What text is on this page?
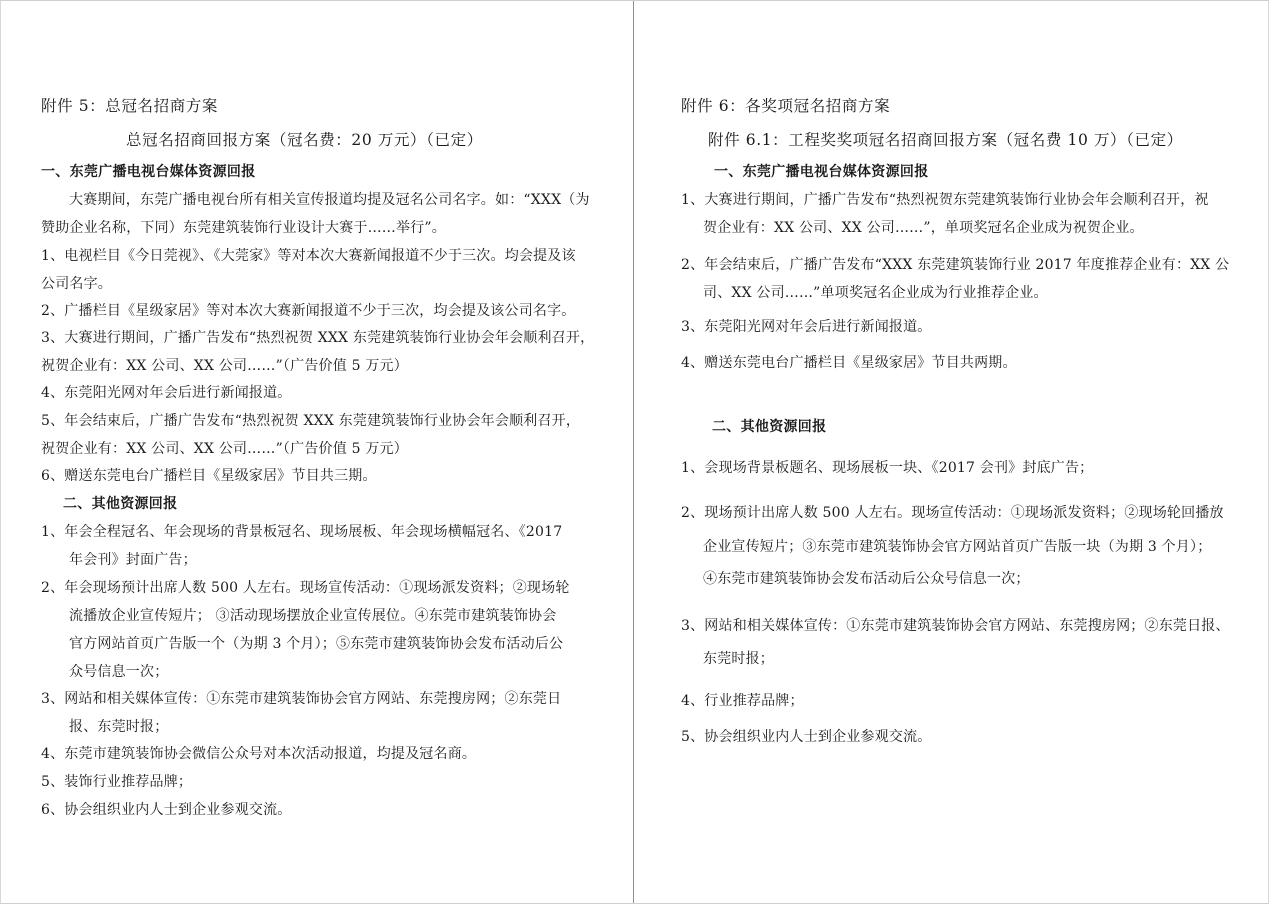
附件 5：总冠名招商方案
总冠名招商回报方案（冠名费：20 万元）（已定）
一、东莞广播电视台媒体资源回报
大赛期间，东莞广播电视台所有相关宣传报道均提及冠名公司名字。如：“XXX（为
赞助企业名称，下同）东莞建筑装饰行业设计大赛于……举行”。
1、电视栏目《今日莞视》、《大莞家》等对本次大赛新闻报道不少于三次。均会提及该
公司名字。
2、广播栏目《星级家居》等对本次大赛新闻报道不少于三次，均会提及该公司名字。
3、大赛进行期间，广播广告发布“热烈祝贺 XXX 东莞建筑装饰行业协会年会顺利召开，
祝贺企业有：XX 公司、XX 公司……”（广告价值 5 万元）
4、东莞阳光网对年会后进行新闻报道。
5、年会结束后，广播广告发布“热烈祝贺 XXX 东莞建筑装饰行业协会年会顺利召开，
祝贺企业有：XX 公司、XX 公司……”（广告价值 5 万元）
6、赠送东莞电台广播栏目《星级家居》节目共三期。
二、其他资源回报
1、年会全程冠名、年会现场的背景板冠名、现场展板、年会现场横幅冠名、《2017
年会刊》封面广告；
2、年会现场预计出席人数 500 人左右。现场宣传活动：①现场派发资料；②现场轮
流播放企业宣传短片； ③活动现场摆放企业宣传展位。④东莞市建筑装饰协会
官方网站首页广告版一个（为期 3 个月）；⑤东莞市建筑装饰协会发布活动后公
众号信息一次；
3、网站和相关媒体宣传：①东莞市建筑装饰协会官方网站、东莞搜房网；②东莞日
报、东莞时报；
4、东莞市建筑装饰协会微信公众号对本次活动报道，均提及冠名商。
5、装饰行业推荐品牌；
6、协会组织业内人士到企业参观交流。
附件 6：各奖项冠名招商方案
附件 6.1：工程奖奖项冠名招商回报方案（冠名费 10 万）（已定）
一、东莞广播电视台媒体资源回报
1、大赛进行期间，广播广告发布“热烈祝贺东莞建筑装饰行业协会年会顺利召开，祝
贺企业有：XX 公司、XX 公司……”，单项奖冠名企业成为祝贺企业。
2、年会结束后，广播广告发布“XXX 东莞建筑装饰行业 2017 年度推荐企业有：XX 公
司、XX 公司……”单项奖冠名企业成为行业推荐企业。
3、东莞阳光网对年会后进行新闻报道。
4、赠送东莞电台广播栏目《星级家居》节目共两期。
二、其他资源回报
1、会现场背景板题名、现场展板一块、《2017 会刊》封底广告；
2、现场预计出席人数 500 人左右。现场宣传活动：①现场派发资料；②现场轮回播放
企业宣传短片；③东莞市建筑装饰协会官方网站首页广告版一块（为期 3 个月）；
④东莞市建筑装饰协会发布活动后公众号信息一次；
3、网站和相关媒体宣传：①东莞市建筑装饰协会官方网站、东莞搜房网；②东莞日报、
东莞时报；
4、行业推荐品牌；
5、协会组织业内人士到企业参观交流。
